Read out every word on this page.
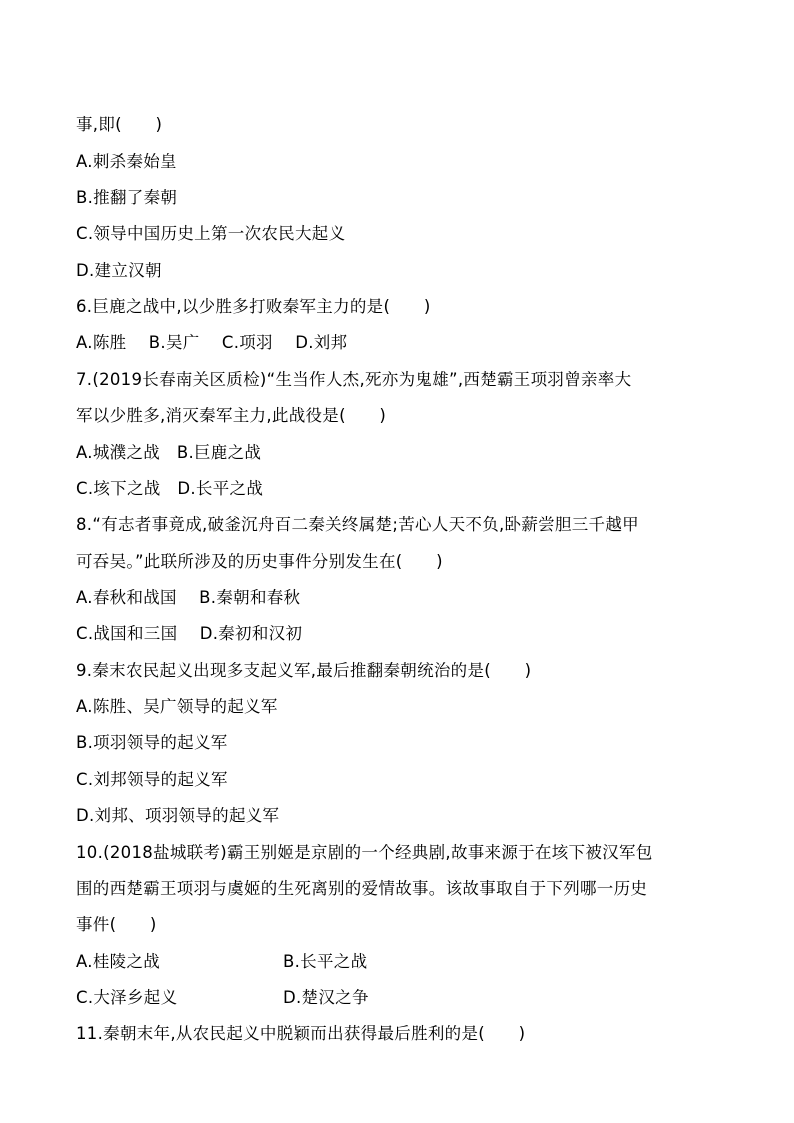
事,即(　　)
A.刺杀秦始皇
B.推翻了秦朝
C.领导中国历史上第一次农民大起义
D.建立汉朝
6.巨鹿之战中,以少胜多打败秦军主力的是(　　)
A.陈胜　 B.吴广　 C.项羽　 D.刘邦
7.(2019长春南关区质检)“生当作人杰,死亦为鬼雄”,西楚霸王项羽曾亲率大
军以少胜多,消灭秦军主力,此战役是(　　)
A.城濮之战　B.巨鹿之战
C.垓下之战　D.长平之战
8.“有志者事竟成,破釜沉舟百二秦关终属楚;苦心人天不负,卧薪尝胆三千越甲
可吞吴。”此联所涉及的历史事件分别发生在(　　)
A.春秋和战国　 B.秦朝和春秋
C.战国和三国　 D.秦初和汉初
9.秦末农民起义出现多支起义军,最后推翻秦朝统治的是(　　)
A.陈胜、吴广领导的起义军
B.项羽领导的起义军
C.刘邦领导的起义军
D.刘邦、项羽领导的起义军
10.(2018盐城联考)霸王别姬是京剧的一个经典剧,故事来源于在垓下被汉军包
围的西楚霸王项羽与虞姬的生死离别的爱情故事。该故事取自于下列哪一历史
事件(　　)
A.桂陵之战	B.长平之战
C.大泽乡起义	D.楚汉之争
11.秦朝末年,从农民起义中脱颖而出获得最后胜利的是(　　)
